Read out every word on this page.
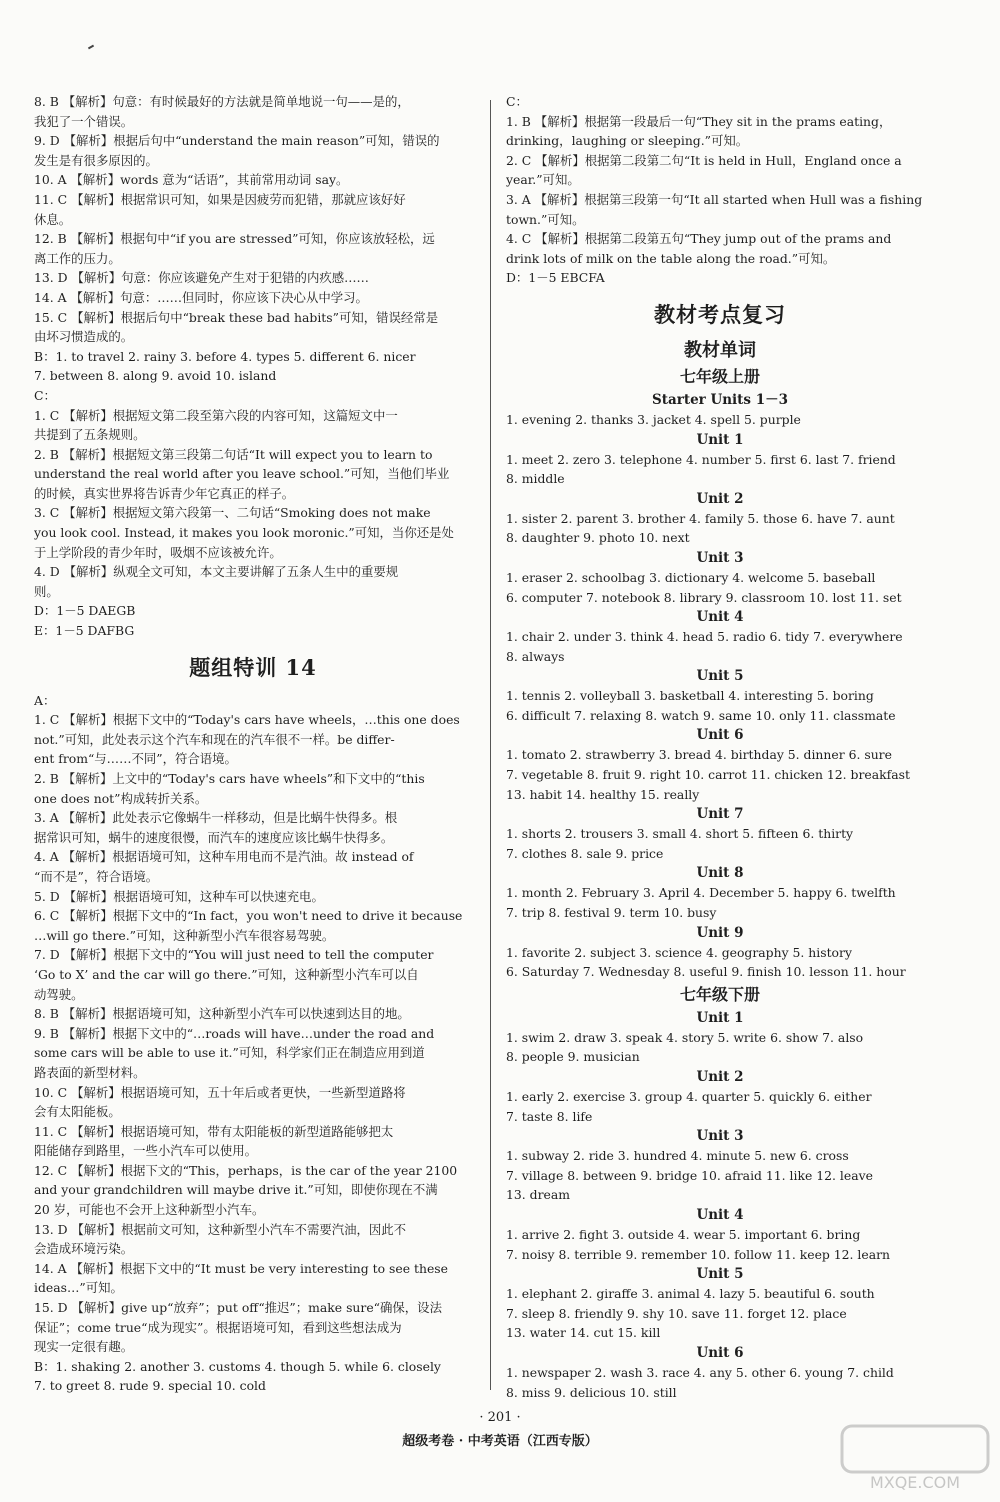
8. B 【解析】句意：有时候最好的方法就是简单地说一句——是的，
我犯了一个错误。
9. D 【解析】根据后句中“understand the main reason”可知，错误的
发生是有很多原因的。
10. A 【解析】words 意为“话语”，其前常用动词 say。
11. C 【解析】根据常识可知，如果是因疲劳而犯错，那就应该好好
休息。
12. B 【解析】根据句中“if you are stressed”可知，你应该放轻松，远
离工作的压力。
13. D 【解析】句意：你应该避免产生对于犯错的内疚感……
14. A 【解析】句意：……但同时，你应该下决心从中学习。
15. C 【解析】根据后句中“break these bad habits”可知，错误经常是
由坏习惯造成的。
B：1. to travel 2. rainy 3. before 4. types 5. different 6. nicer
7. between 8. along 9. avoid 10. island
C：
1. C 【解析】根据短文第二段至第六段的内容可知，这篇短文中一
共提到了五条规则。
2. B 【解析】根据短文第三段第二句话“It will expect you to learn to
understand the real world after you leave school.”可知，当他们毕业
的时候，真实世界将告诉青少年它真正的样子。
3. C 【解析】根据短文第六段第一、二句话“Smoking does not make
you look cool. Instead, it makes you look moronic.”可知，当你还是处
于上学阶段的青少年时，吸烟不应该被允许。
4. D 【解析】纵观全文可知，本文主要讲解了五条人生中的重要规
则。
D：1－5 DAEGB
E：1－5 DAFBG
题组特训 14
A：
1. C 【解析】根据下文中的“Today's cars have wheels，…this one does
not.”可知，此处表示这个汽车和现在的汽车很不一样。be differ-
ent from“与……不同”，符合语境。
2. B 【解析】上文中的“Today's cars have wheels”和下文中的“this
one does not”构成转折关系。
3. A 【解析】此处表示它像蜗牛一样移动，但是比蜗牛快得多。根
据常识可知，蜗牛的速度很慢，而汽车的速度应该比蜗牛快得多。
4. A 【解析】根据语境可知，这种车用电而不是汽油。故 instead of
“而不是”，符合语境。
5. D 【解析】根据语境可知，这种车可以快速充电。
6. C 【解析】根据下文中的“In fact，you won't need to drive it because
…will go there.”可知，这种新型小汽车很容易驾驶。
7. D 【解析】根据下文中的“You will just need to tell the computer
‘Go to X’ and the car will go there.”可知，这种新型小汽车可以自
动驾驶。
8. B 【解析】根据语境可知，这种新型小汽车可以快速到达目的地。
9. B 【解析】根据下文中的“…roads will have…under the road and
some cars will be able to use it.”可知，科学家们正在制造应用到道
路表面的新型材料。
10. C 【解析】根据语境可知，五十年后或者更快，一些新型道路将
会有太阳能板。
11. C 【解析】根据语境可知，带有太阳能板的新型道路能够把太
阳能储存到路里，一些小汽车可以使用。
12. C 【解析】根据下文的“This，perhaps，is the car of the year 2100
and your grandchildren will maybe drive it.”可知，即使你现在不满
20 岁，可能也不会开上这种新型小汽车。
13. D 【解析】根据前文可知，这种新型小汽车不需要汽油，因此不
会造成环境污染。
14. A 【解析】根据下文中的“It must be very interesting to see these
ideas…”可知。
15. D 【解析】give up“放弃”；put off“推迟”；make sure“确保，设法
保证”；come true“成为现实”。根据语境可知，看到这些想法成为
现实一定很有趣。
B：1. shaking 2. another 3. customs 4. though 5. while 6. closely
7. to greet 8. rude 9. special 10. cold
C：
1. B 【解析】根据第一段最后一句“They sit in the prams eating，
drinking，laughing or sleeping.”可知。
2. C 【解析】根据第二段第二句“It is held in Hull，England once a
year.”可知。
3. A 【解析】根据第三段第一句“It all started when Hull was a fishing
town.”可知。
4. C 【解析】根据第二段第五句“They jump out of the prams and
drink lots of milk on the table along the road.”可知。
D：1－5 EBCFA
教材考点复习
教材单词
七年级上册
Starter Units 1－3
1. evening 2. thanks 3. jacket 4. spell 5. purple
Unit 1
1. meet 2. zero 3. telephone 4. number 5. first 6. last 7. friend
8. middle
Unit 2
1. sister 2. parent 3. brother 4. family 5. those 6. have 7. aunt
8. daughter 9. photo 10. next
Unit 3
1. eraser 2. schoolbag 3. dictionary 4. welcome 5. baseball
6. computer 7. notebook 8. library 9. classroom 10. lost 11. set
Unit 4
1. chair 2. under 3. think 4. head 5. radio 6. tidy 7. everywhere
8. always
Unit 5
1. tennis 2. volleyball 3. basketball 4. interesting 5. boring
6. difficult 7. relaxing 8. watch 9. same 10. only 11. classmate
Unit 6
1. tomato 2. strawberry 3. bread 4. birthday 5. dinner 6. sure
7. vegetable 8. fruit 9. right 10. carrot 11. chicken 12. breakfast
13. habit 14. healthy 15. really
Unit 7
1. shorts 2. trousers 3. small 4. short 5. fifteen 6. thirty
7. clothes 8. sale 9. price
Unit 8
1. month 2. February 3. April 4. December 5. happy 6. twelfth
7. trip 8. festival 9. term 10. busy
Unit 9
1. favorite 2. subject 3. science 4. geography 5. history
6. Saturday 7. Wednesday 8. useful 9. finish 10. lesson 11. hour
七年级下册
Unit 1
1. swim 2. draw 3. speak 4. story 5. write 6. show 7. also
8. people 9. musician
Unit 2
1. early 2. exercise 3. group 4. quarter 5. quickly 6. either
7. taste 8. life
Unit 3
1. subway 2. ride 3. hundred 4. minute 5. new 6. cross
7. village 8. between 9. bridge 10. afraid 11. like 12. leave
13. dream
Unit 4
1. arrive 2. fight 3. outside 4. wear 5. important 6. bring
7. noisy 8. terrible 9. remember 10. follow 11. keep 12. learn
Unit 5
1. elephant 2. giraffe 3. animal 4. lazy 5. beautiful 6. south
7. sleep 8. friendly 9. shy 10. save 11. forget 12. place
13. water 14. cut 15. kill
Unit 6
1. newspaper 2. wash 3. race 4. any 5. other 6. young 7. child
8. miss 9. delicious 10. still
· 201 ·
超级考卷 · 中考英语（江西专版）
MXQE.COM
